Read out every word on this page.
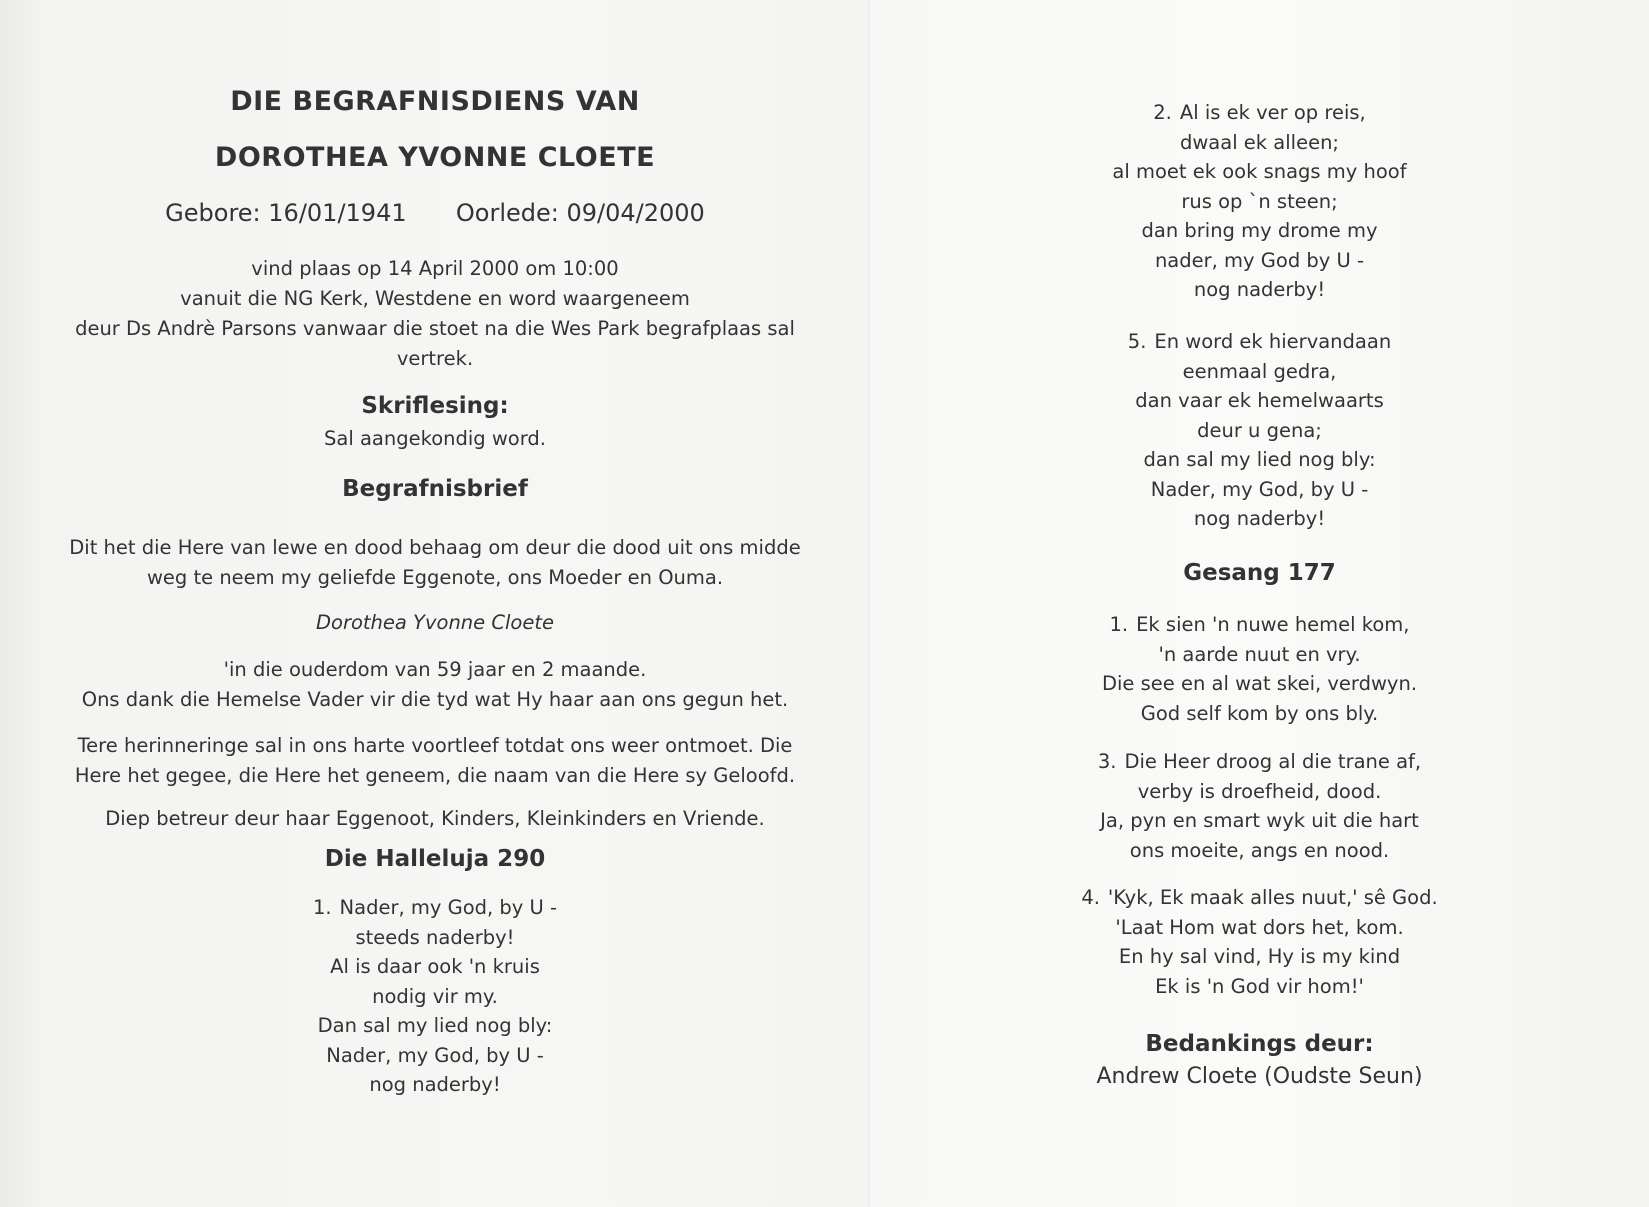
DIE BEGRAFNISDIENS VAN
DOROTHEA YVONNE CLOETE
Gebore: 16/01/1941 Oorlede: 09/04/2000
vind plaas op 14 April 2000 om 10:00
vanuit die NG Kerk, Westdene en word waargeneem
deur Ds Andrè Parsons vanwaar die stoet na die Wes Park begrafplaas sal
vertrek.
Skriflesing:
Sal aangekondig word.
Begrafnisbrief
Dit het die Here van lewe en dood behaag om deur die dood uit ons midde
weg te neem my geliefde Eggenote, ons Moeder en Ouma.
Dorothea Yvonne Cloete
'in die ouderdom van 59 jaar en 2 maande.
Ons dank die Hemelse Vader vir die tyd wat Hy haar aan ons gegun het.
Tere herinneringe sal in ons harte voortleef totdat ons weer ontmoet. Die
Here het gegee, die Here het geneem, die naam van die Here sy Geloofd.
Diep betreur deur haar Eggenoot, Kinders, Kleinkinders en Vriende.
Die Halleluja 290
1. Nader, my God, by U -
steeds naderby!
Al is daar ook 'n kruis
nodig vir my.
Dan sal my lied nog bly:
Nader, my God, by U -
nog naderby!
2. Al is ek ver op reis,
dwaal ek alleen;
al moet ek ook snags my hoof
rus op `n steen;
dan bring my drome my
nader, my God by U -
nog naderby!
5. En word ek hiervandaan
eenmaal gedra,
dan vaar ek hemelwaarts
deur u gena;
dan sal my lied nog bly:
Nader, my God, by U -
nog naderby!
Gesang 177
1. Ek sien 'n nuwe hemel kom,
'n aarde nuut en vry.
Die see en al wat skei, verdwyn.
God self kom by ons bly.
3. Die Heer droog al die trane af,
verby is droefheid, dood.
Ja, pyn en smart wyk uit die hart
ons moeite, angs en nood.
4. 'Kyk, Ek maak alles nuut,' sê God.
'Laat Hom wat dors het, kom.
En hy sal vind, Hy is my kind
Ek is 'n God vir hom!'
Bedankings deur:
Andrew Cloete (Oudste Seun)
